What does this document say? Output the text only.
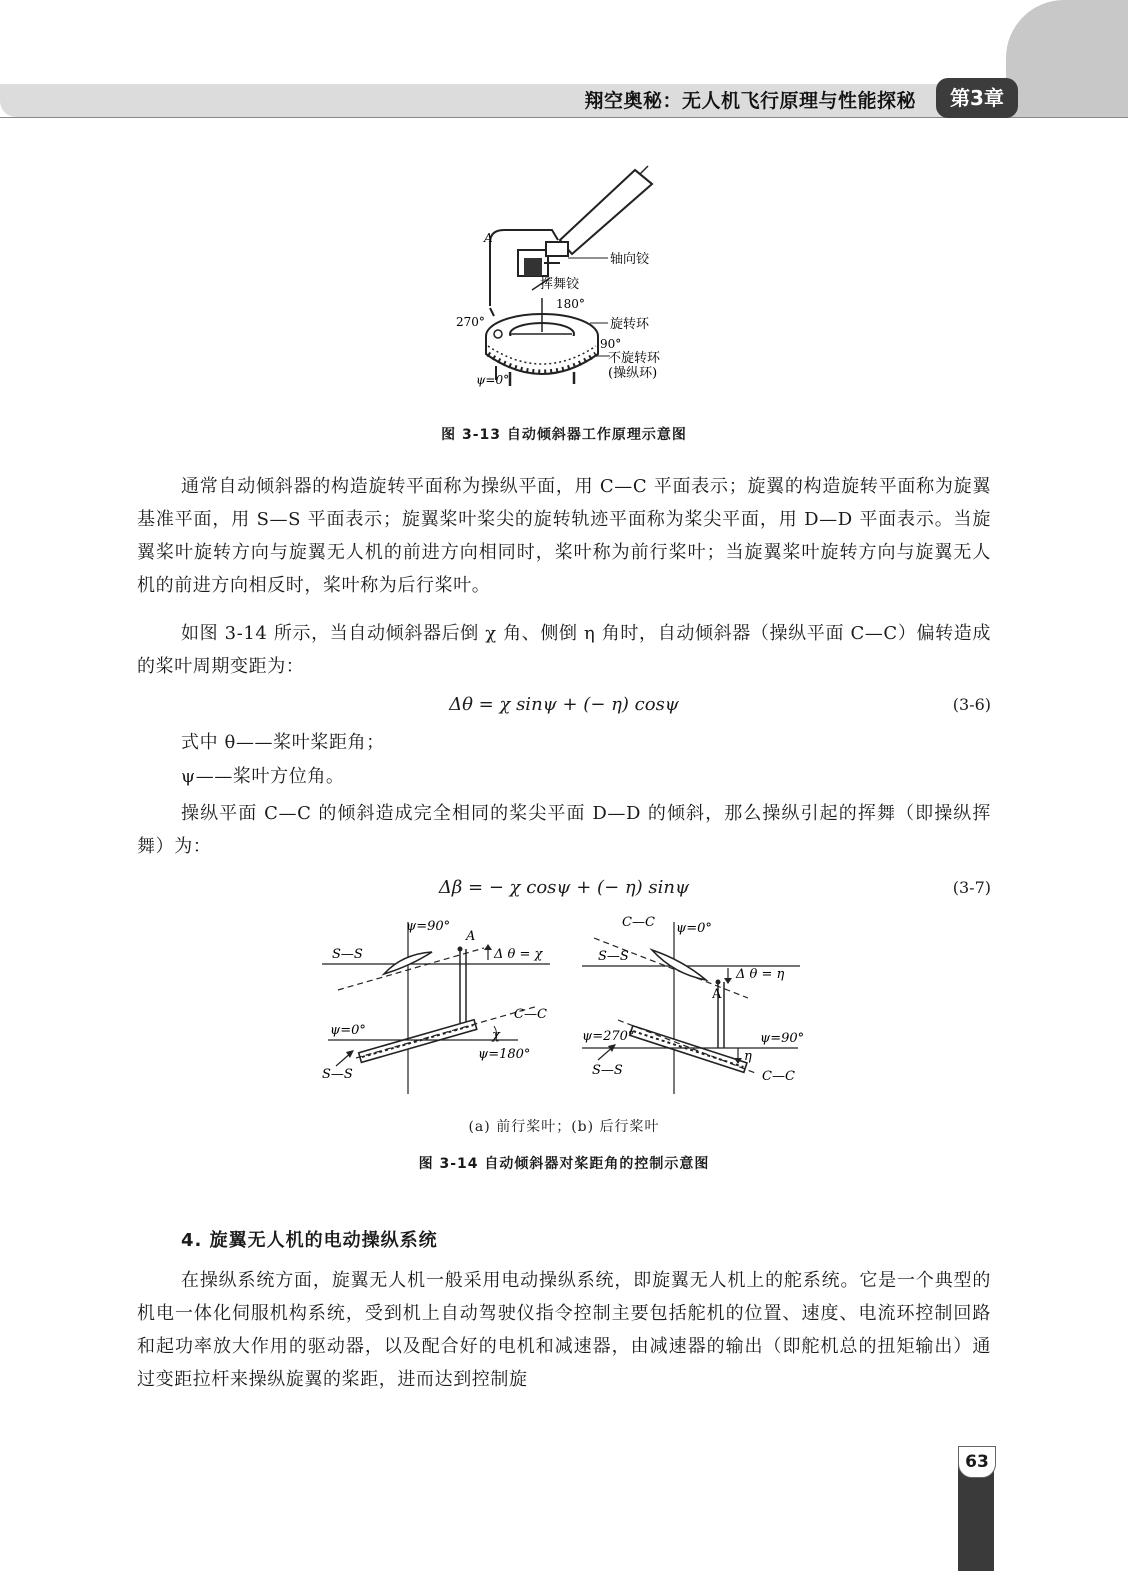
翔空奥秘：无人机飞行原理与性能探秘	第3章
A
轴向铰
挥舞铰
180°
270°	旋转环
90°
不旋转环
(操纵环)
ψ=0°
图 3-13 自动倾斜器工作原理示意图

通常自动倾斜器的构造旋转平面称为操纵平面，用 C—C 平面表示；旋翼的构造旋转平面称为旋翼基准平面，用 S—S 平面表示；旋翼桨叶桨尖的旋转轨迹平面称为桨尖平面，用 D—D 平面表示。当旋翼桨叶旋转方向与旋翼无人机的前进方向相同时，桨叶称为前行桨叶；当旋翼桨叶旋转方向与旋翼无人机的前进方向相反时，桨叶称为后行桨叶。

如图 3-14 所示，当自动倾斜器后倒 χ 角、侧倒 η 角时，自动倾斜器（操纵平面 C—C）偏转造成的桨叶周期变距为：

Δθ = χ sinψ + (− η) cosψ	(3-6)

式中 θ——桨叶桨距角；

ψ——桨叶方位角。

操纵平面 C—C 的倾斜造成完全相同的桨尖平面 D—D 的倾斜，那么操纵引起的挥舞（即操纵挥舞）为：

Δβ = − χ cosψ + (− η) sinψ	(3-7)
ψ=90°
S—S
A
Δ θ = χ
C—C
χ
ψ=0°
ψ=180°
S—S
C—C ψ=0°
S—S
Δ θ = η
A
ψ=270°	ψ=90°
η
S—S	C—C
(a) 前行桨叶；(b) 后行桨叶
图 3-14 自动倾斜器对桨距角的控制示意图

4. 旋翼无人机的电动操纵系统

在操纵系统方面，旋翼无人机一般采用电动操纵系统，即旋翼无人机上的舵系统。它是一个典型的机电一体化伺服机构系统，受到机上自动驾驶仪指令控制主要包括舵机的位置、速度、电流环控制回路和起功率放大作用的驱动器，以及配合好的电机和减速器，由减速器的输出（即舵机总的扭矩输出）通过变距拉杆来操纵旋翼的桨距，进而达到控制旋

63
